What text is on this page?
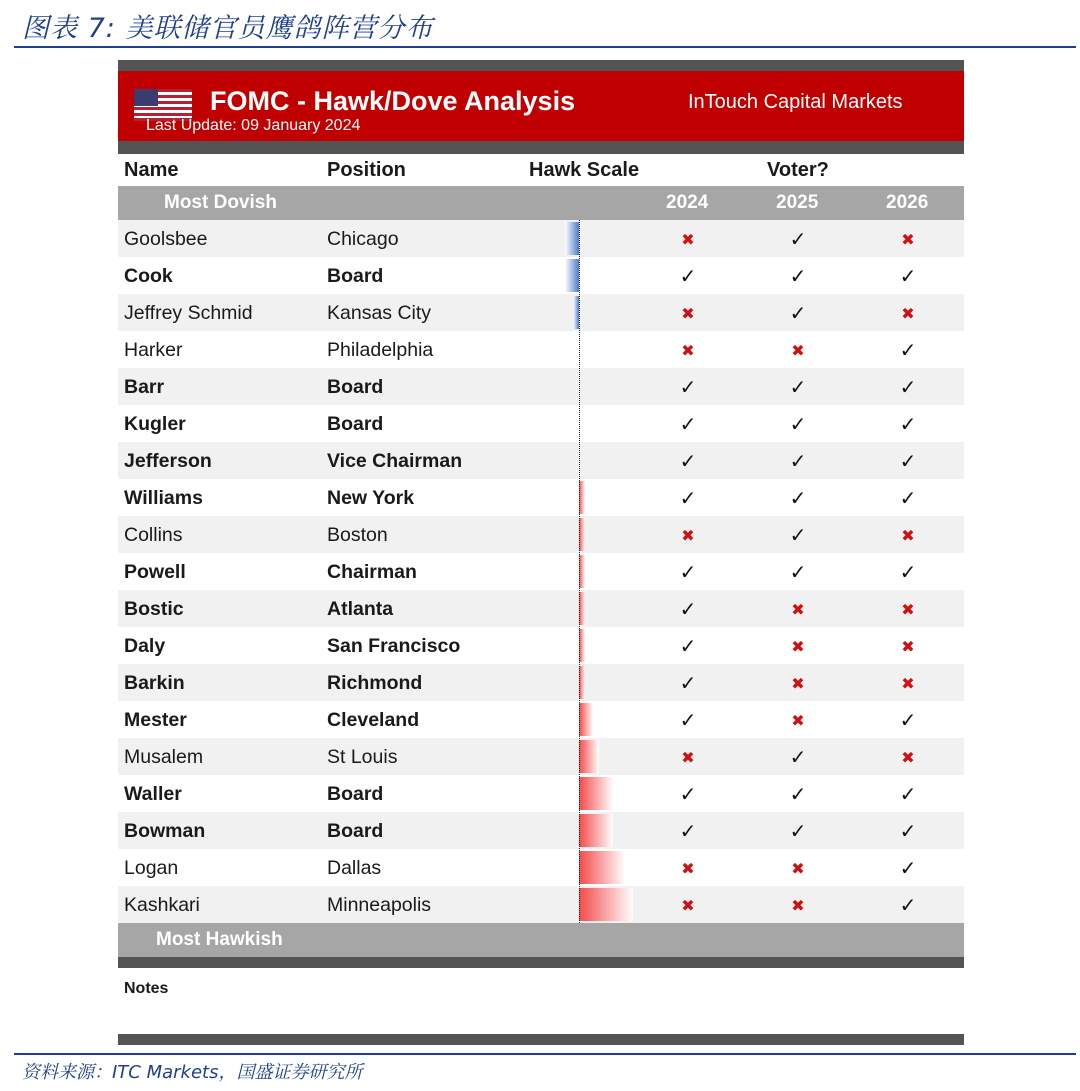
图表 7: 美联储官员鹰鸽阵营分布
FOMC - Hawk/Dove Analysis
Last Update: 09 January 2024
InTouch Capital Markets
Name	Position	Hawk Scale	Voter?
Most Dovish	2024	2025	2026
Goolsbee	Chicago	✖	✓	✖
Cook	Board	✓	✓	✓
Jeffrey Schmid	Kansas City	✖	✓	✖
Harker	Philadelphia	✖	✖	✓
Barr	Board	✓	✓	✓
Kugler	Board	✓	✓	✓
Jefferson	Vice Chairman	✓	✓	✓
Williams	New York	✓	✓	✓
Collins	Boston	✖	✓	✖
Powell	Chairman	✓	✓	✓
Bostic	Atlanta	✓	✖	✖
Daly	San Francisco	✓	✖	✖
Barkin	Richmond	✓	✖	✖
Mester	Cleveland	✓	✖	✓
Musalem	St Louis	✖	✓	✖
Waller	Board	✓	✓	✓
Bowman	Board	✓	✓	✓
Logan	Dallas	✖	✖	✓
Kashkari	Minneapolis	✖	✖	✓
Most Hawkish
Notes
资料来源：ITC Markets，国盛证券研究所
